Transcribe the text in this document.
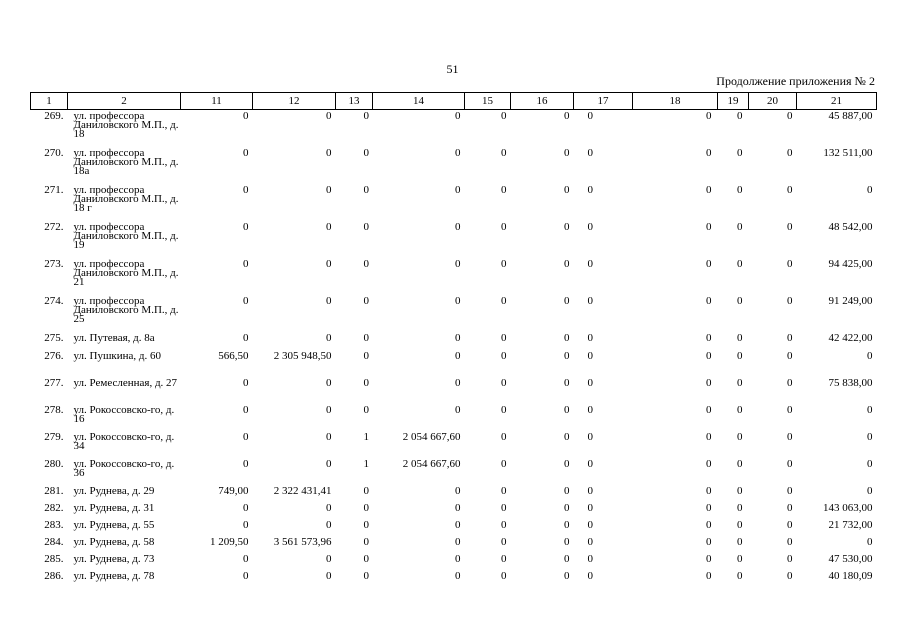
51
Продолжение приложения № 2
1	2	11	12	13	14	15	16	17	18	19	20	21
269.	ул. профессора Даниловского М.П., д. 18	0	0	0	0	0	0	0	0	0	0	45 887,00
270.	ул. профессора Даниловского М.П., д. 18а	0	0	0	0	0	0	0	0	0	0	132 511,00
271.	ул. профессора Даниловского М.П., д. 18 г	0	0	0	0	0	0	0	0	0	0	0
272.	ул. профессора Даниловского М.П., д. 19	0	0	0	0	0	0	0	0	0	0	48 542,00
273.	ул. профессора Даниловского М.П., д. 21	0	0	0	0	0	0	0	0	0	0	94 425,00
274.	ул. профессора Даниловского М.П., д. 25	0	0	0	0	0	0	0	0	0	0	91 249,00
275.	ул. Путевая, д. 8а	0	0	0	0	0	0	0	0	0	0	42 422,00
276.	ул. Пушкина, д. 60	566,50	2 305 948,50	0	0	0	0	0	0	0	0	0
277.	ул. Ремесленная, д. 27	0	0	0	0	0	0	0	0	0	0	75 838,00
278.	ул. Рокоссовско-го, д. 16	0	0	0	0	0	0	0	0	0	0	0
279.	ул. Рокоссовско-го, д. 34	0	0	1	2 054 667,60	0	0	0	0	0	0	0
280.	ул. Рокоссовско-го, д. 36	0	0	1	2 054 667,60	0	0	0	0	0	0	0
281.	ул. Руднева, д. 29	749,00	2 322 431,41	0	0	0	0	0	0	0	0	0
282.	ул. Руднева, д. 31	0	0	0	0	0	0	0	0	0	0	143 063,00
283.	ул. Руднева, д. 55	0	0	0	0	0	0	0	0	0	0	21 732,00
284.	ул. Руднева, д. 58	1 209,50	3 561 573,96	0	0	0	0	0	0	0	0	0
285.	ул. Руднева, д. 73	0	0	0	0	0	0	0	0	0	0	47 530,00
286.	ул. Руднева, д. 78	0	0	0	0	0	0	0	0	0	0	40 180,09
